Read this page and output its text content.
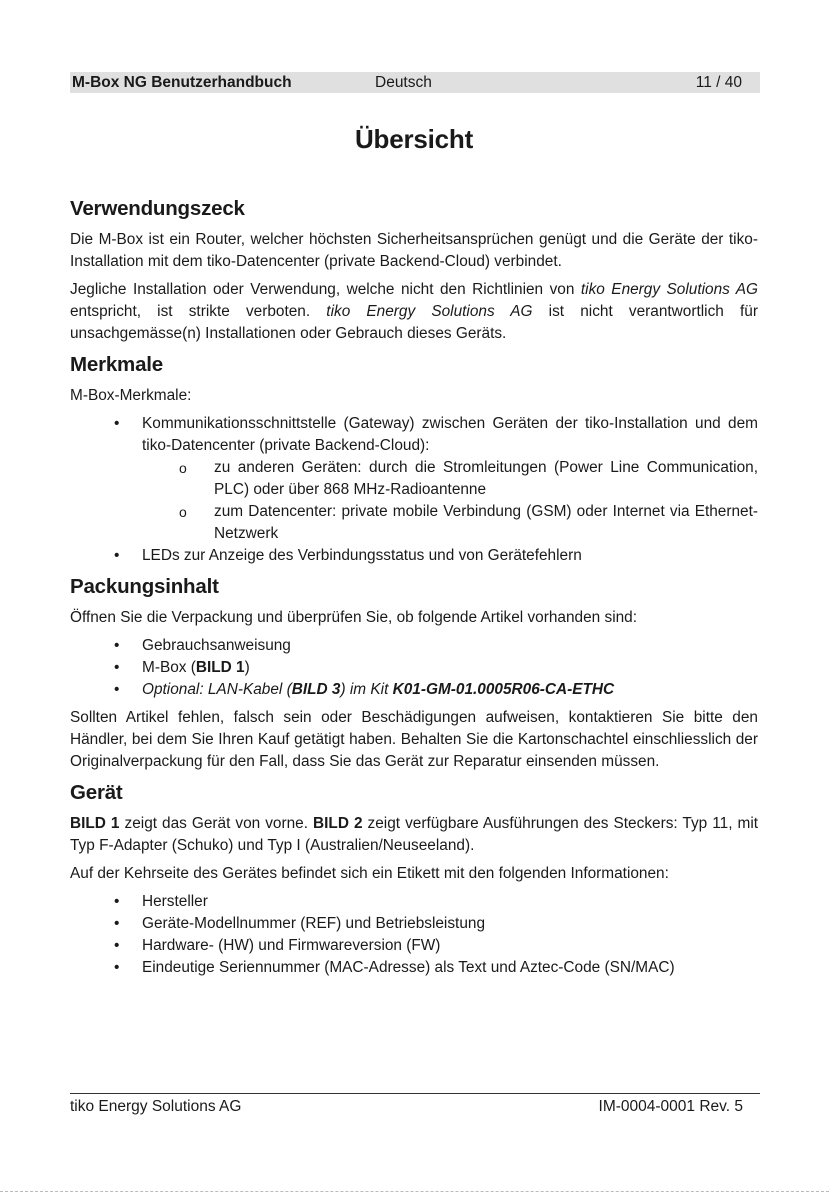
M-Box NG Benutzerhandbuch	Deutsch	11 / 40
Übersicht
Verwendungszeck

Die M-Box ist ein Router, welcher höchsten Sicherheitsansprüchen genügt und die Geräte der tiko-Installation mit dem tiko-Datencenter (private Backend-Cloud) verbindet.

Jegliche Installation oder Verwendung, welche nicht den Richtlinien von tiko Energy Solutions AG entspricht, ist strikte verboten. tiko Energy Solutions AG ist nicht verantwortlich für unsachgemässe(n) Installationen oder Gebrauch dieses Geräts.

Merkmale

M-Box-Merkmale:

• Kommunikationsschnittstelle (Gateway) zwischen Geräten der tiko-Installation und dem tiko-Datencenter (private Backend-Cloud):
o zu anderen Geräten: durch die Stromleitungen (Power Line Communication, PLC) oder über 868 MHz-Radioantenne
o zum Datencenter: private mobile Verbindung (GSM) oder Internet via Ethernet-Netzwerk
• LEDs zur Anzeige des Verbindungsstatus und von Gerätefehlern
Packungsinhalt

Öffnen Sie die Verpackung und überprüfen Sie, ob folgende Artikel vorhanden sind:

• Gebrauchsanweisung
• M-Box (BILD 1)
• Optional: LAN-Kabel (BILD 3) im Kit K01-GM-01.0005R06-CA-ETHC

Sollten Artikel fehlen, falsch sein oder Beschädigungen aufweisen, kontaktieren Sie bitte den Händler, bei dem Sie Ihren Kauf getätigt haben. Behalten Sie die Kartonschachtel einschliesslich der Originalverpackung für den Fall, dass Sie das Gerät zur Reparatur einsenden müssen.

Gerät

BILD 1 zeigt das Gerät von vorne. BILD 2 zeigt verfügbare Ausführungen des Steckers: Typ 11, mit Typ F-Adapter (Schuko) und Typ I (Australien/Neuseeland).

Auf der Kehrseite des Gerätes befindet sich ein Etikett mit den folgenden Informationen:

• Hersteller
• Geräte-Modellnummer (REF) und Betriebsleistung
• Hardware- (HW) und Firmwareversion (FW)
• Eindeutige Seriennummer (MAC-Adresse) als Text und Aztec-Code (SN/MAC)
tiko Energy Solutions AG	IM-0004-0001 Rev. 5
